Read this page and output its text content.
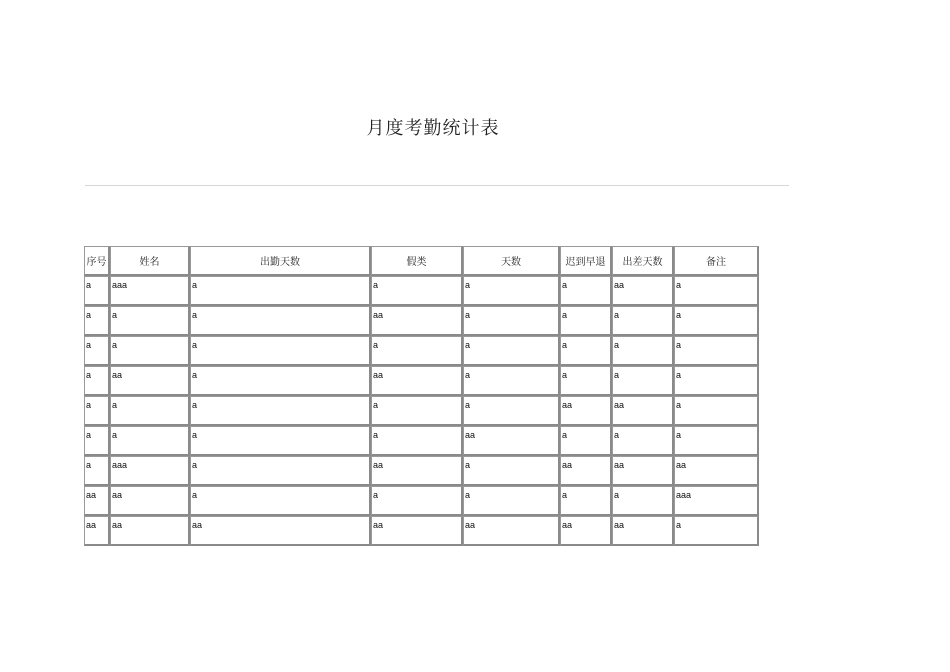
月度考勤统计表
序号	姓名	出勤天数	假类	天数	迟到早退	出差天数	备注
a	aaa	a	a	a	a	aa	a
a	a	a	aa	a	a	a	a
a	a	a	a	a	a	a	a
a	aa	a	aa	a	a	a	a
a	a	a	a	a	aa	aa	a
a	a	a	a	aa	a	a	a
a	aaa	a	aa	a	aa	aa	aa
aa	aa	a	a	a	a	a	aaa
aa	aa	aa	aa	aa	aa	aa	a
